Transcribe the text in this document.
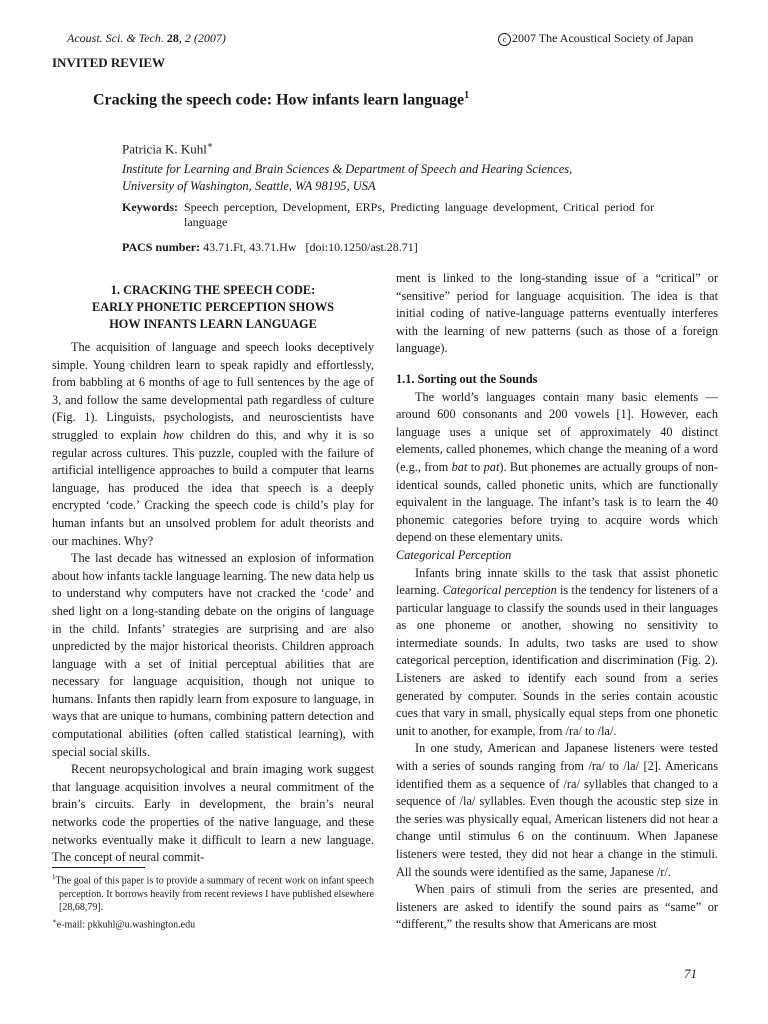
Acoust. Sci. & Tech. 28, 2 (2007)	c 2007 The Acoustical Society of Japan
INVITED REVIEW
Cracking the speech code: How infants learn language$^1$
Patricia K. Kuhl∗
Institute for Learning and Brain Sciences & Department of Speech and Hearing Sciences,
University of Washington, Seattle, WA 98195, USA
Keywords: Speech perception, Development, ERPs, Predicting language development, Critical period for language
PACS number: 43.71.Ft, 43.71.Hw [doi:10.1250/ast.28.71]
1. CRACKING THE SPEECH CODE:
EARLY PHONETIC PERCEPTION SHOWS
HOW INFANTS LEARN LANGUAGE

The acquisition of language and speech looks deceptively simple. Young children learn to speak rapidly and effortlessly, from babbling at 6 months of age to full sentences by the age of 3, and follow the same developmental path regardless of culture (Fig. 1). Linguists, psychologists, and neuroscientists have struggled to explain how children do this, and why it is so regular across cultures. This puzzle, coupled with the failure of artificial intelligence approaches to build a computer that learns language, has produced the idea that speech is a deeply encrypted ‘code.’ Cracking the speech code is child’s play for human infants but an unsolved problem for adult theorists and our machines. Why?

The last decade has witnessed an explosion of information about how infants tackle language learning. The new data help us to understand why computers have not cracked the ‘code’ and shed light on a long-standing debate on the origins of language in the child. Infants’ strategies are surprising and are also unpredicted by the major historical theorists. Children approach language with a set of initial perceptual abilities that are necessary for language acquisition, though not unique to humans. Infants then rapidly learn from exposure to language, in ways that are unique to humans, combining pattern detection and computational abilities (often called statistical learning), with special social skills.

Recent neuropsychological and brain imaging work suggest that language acquisition involves a neural commitment of the brain’s circuits. Early in development, the brain’s neural networks code the properties of the native language, and these networks eventually make it difficult to learn a new language. The concept of neural commit-

$^1$The goal of this paper is to provide a summary of recent work on infant speech perception. It borrows heavily from recent reviews I have published elsewhere [28,68,79].

∗e-mail: pkkuhl@u.washington.edu

ment is linked to the long-standing issue of a “critical” or “sensitive” period for language acquisition. The idea is that initial coding of native-language patterns eventually interferes with the learning of new patterns (such as those of a foreign language).

1.1. Sorting out the Sounds

The world’s languages contain many basic elements — around 600 consonants and 200 vowels [1]. However, each language uses a unique set of approximately 40 distinct elements, called phonemes, which change the meaning of a word (e.g., from bat to pat). But phonemes are actually groups of non-identical sounds, called phonetic units, which are functionally equivalent in the language. The infant’s task is to learn the 40 phonemic categories before trying to acquire words which depend on these elementary units.

Categorical Perception

Infants bring innate skills to the task that assist phonetic learning. Categorical perception is the tendency for listeners of a particular language to classify the sounds used in their languages as one phoneme or another, showing no sensitivity to intermediate sounds. In adults, two tasks are used to show categorical perception, identification and discrimination (Fig. 2). Listeners are asked to identify each sound from a series generated by computer. Sounds in the series contain acoustic cues that vary in small, physically equal steps from one phonetic unit to another, for example, from /ra/ to /la/.

In one study, American and Japanese listeners were tested with a series of sounds ranging from /ra/ to /la/ [2]. Americans identified them as a sequence of /ra/ syllables that changed to a sequence of /la/ syllables. Even though the acoustic step size in the series was physically equal, American listeners did not hear a change until stimulus 6 on the continuum. When Japanese listeners were tested, they did not hear a change in the stimuli. All the sounds were identified as the same, Japanese /r/.

When pairs of stimuli from the series are presented, and listeners are asked to identify the sound pairs as “same” or “different,” the results show that Americans are most

71
